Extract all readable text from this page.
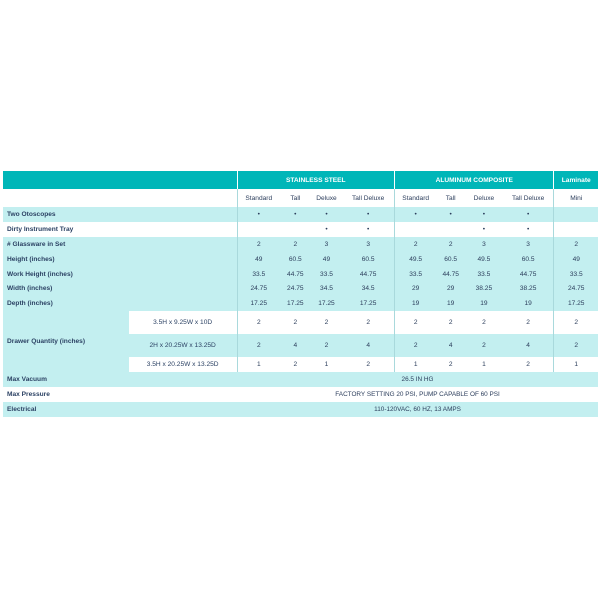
		STAINLESS STEEL				ALUMINUM COMPOSITE				Laminate
		Standard	Tall	Deluxe	Tall Deluxe	Standard	Tall	Deluxe	Tall Deluxe	Mini
Two Otoscopes		•	•	•	•	•	•	•	•	
Dirty Instrument Tray				•	•			•	•	
# Glassware in Set		2	2	3	3	2	2	3	3	2
Height (inches)		49	60.5	49	60.5	49.5	60.5	49.5	60.5	49
Work Height (inches)		33.5	44.75	33.5	44.75	33.5	44.75	33.5	44.75	33.5
Width (inches)		24.75	24.75	34.5	34.5	29	29	38.25	38.25	24.75
Depth (inches)		17.25	17.25	17.25	17.25	19	19	19	19	17.25
Drawer Quantity (inches)	3.5H x 9.25W x 10D	2	2	2	2	2	2	2	2	2
	2H x 20.25W x 13.25D	2	4	2	4	2	4	2	4	2
	3.5H x 20.25W x 13.25D	1	2	1	2	1	2	1	2	1
Max Vacuum		26.5 IN HG								
Max Pressure		FACTORY SETTING 20 PSI, PUMP CAPABLE OF 60 PSI								
Electrical		110-120VAC, 60 HZ, 13 AMPS								
